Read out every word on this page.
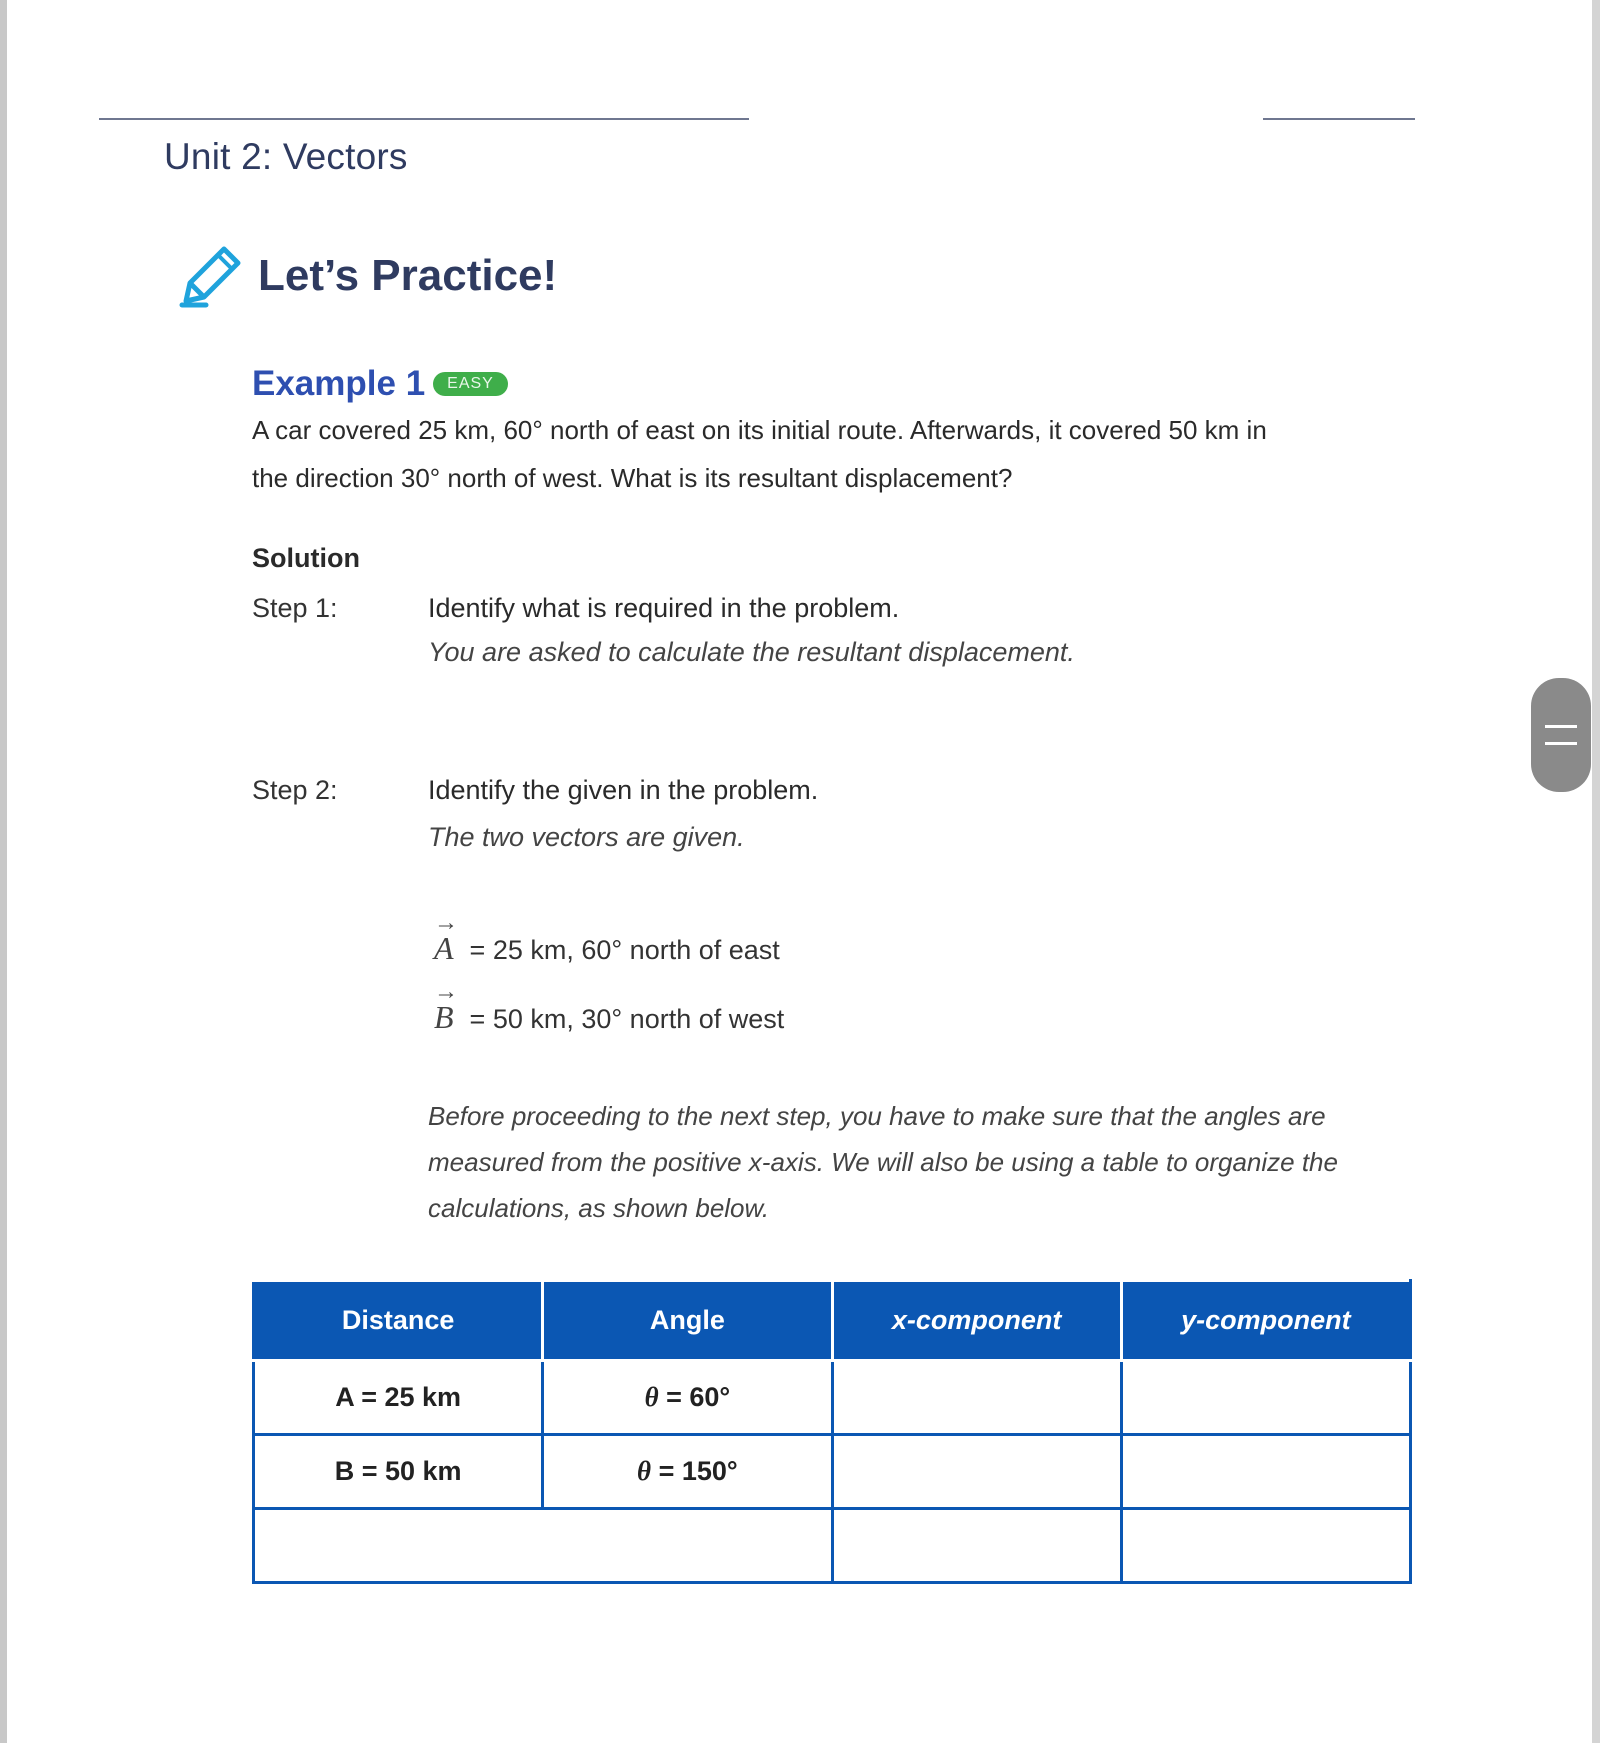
Unit 2: Vectors
Let’s Practice!
Example 1	EASY
A car covered 25 km, 60° north of east on its initial route. Afterwards, it covered 50 km in
the direction 30° north of west. What is its resultant displacement?
Solution
Step 1:	Identify what is required in the problem.
You are asked to calculate the resultant displacement.
Step 2:	Identify the given in the problem.
The two vectors are given.
→
A = 25 km, 60° north of east
→
B = 50 km, 30° north of west
Before proceeding to the next step, you have to make sure that the angles are
measured from the positive x-axis. We will also be using a table to organize the
calculations, as shown below.
Distance	Angle	x-component	y-component
A = 25 km	θ = 60°		
B = 50 km	θ = 150°		
